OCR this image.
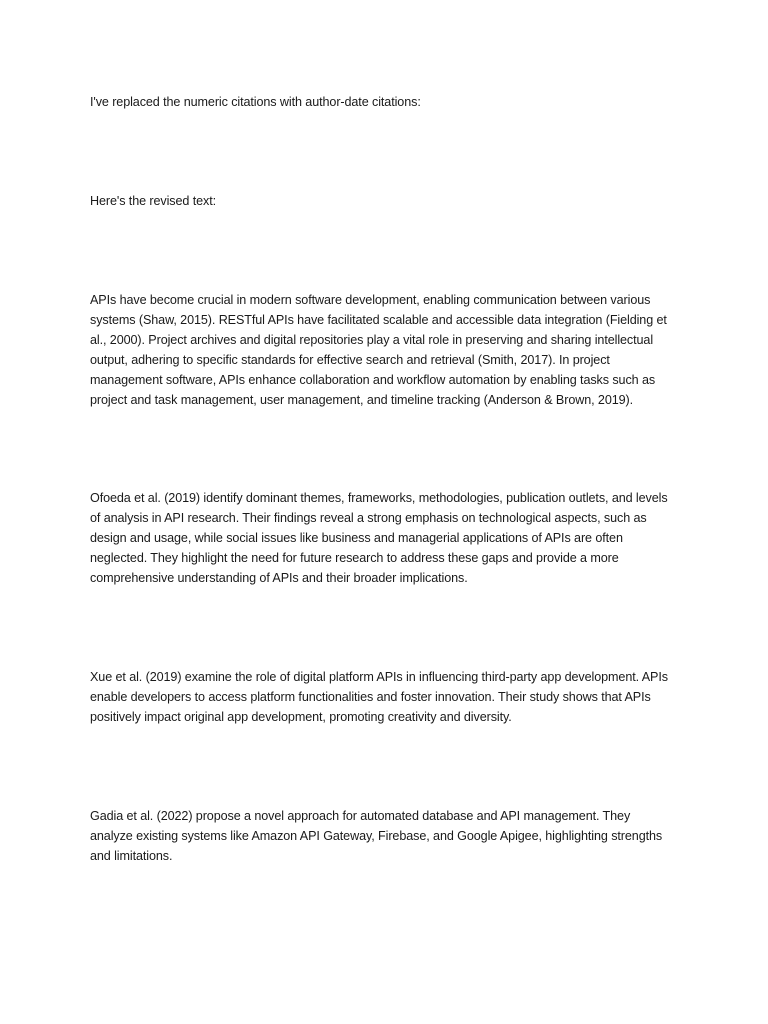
I've replaced the numeric citations with author-date citations:

Here's the revised text:

APIs have become crucial in modern software development, enabling communication between various systems (Shaw, 2015). RESTful APIs have facilitated scalable and accessible data integration (Fielding et al., 2000). Project archives and digital repositories play a vital role in preserving and sharing intellectual output, adhering to specific standards for effective search and retrieval (Smith, 2017). In project management software, APIs enhance collaboration and workflow automation by enabling tasks such as project and task management, user management, and timeline tracking (Anderson & Brown, 2019).

Ofoeda et al. (2019) identify dominant themes, frameworks, methodologies, publication outlets, and levels of analysis in API research. Their findings reveal a strong emphasis on technological aspects, such as design and usage, while social issues like business and managerial applications of APIs are often neglected. They highlight the need for future research to address these gaps and provide a more comprehensive understanding of APIs and their broader implications.

Xue et al. (2019) examine the role of digital platform APIs in influencing third-party app development. APIs enable developers to access platform functionalities and foster innovation. Their study shows that APIs positively impact original app development, promoting creativity and diversity.

Gadia et al. (2022) propose a novel approach for automated database and API management. They analyze existing systems like Amazon API Gateway, Firebase, and Google Apigee, highlighting strengths and limitations.
